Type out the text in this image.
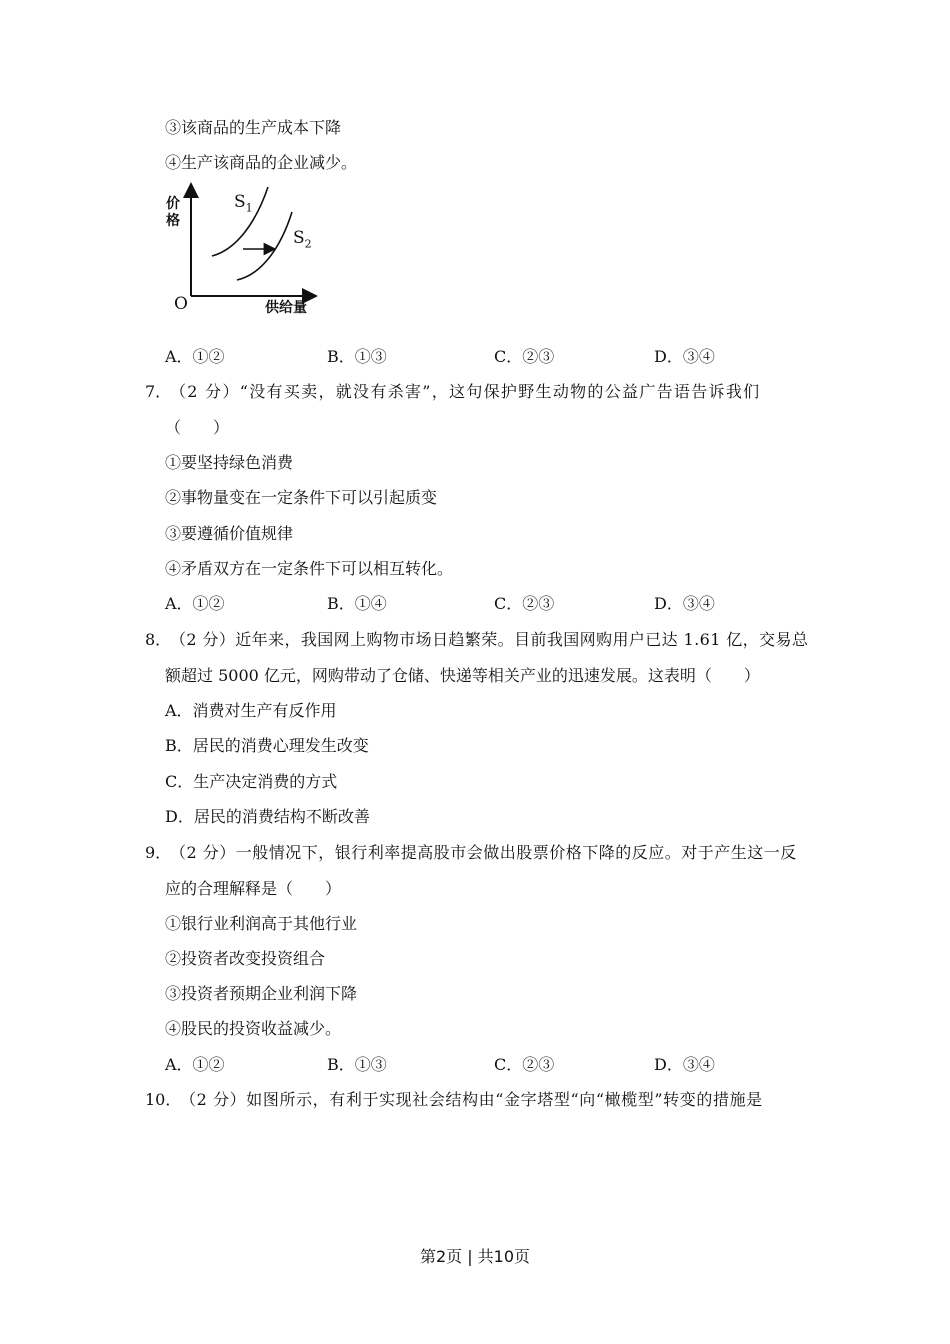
③该商品的生产成本下降
④生产该商品的企业减少。
价格
$S_1$
$S_2$
O	供给量
A．①②	B．①③	C．②③	D．③④
7．
（2 分）“没有买卖，就没有杀害”，这句保护野生动物的公益广告语告诉我们
（　　）
①要坚持绿色消费
②事物量变在一定条件下可以引起质变
③要遵循价值规律
④矛盾双方在一定条件下可以相互转化。
A．①②	B．①④	C．②③	D．③④
8．
（2 分）近年来，我国网上购物市场日趋繁荣。目前我国网购用户已达 1.61 亿，交易总
额超过 5000 亿元，网购带动了仓储、快递等相关产业的迅速发展。这表明（　　）
A．消费对生产有反作用
B．居民的消费心理发生改变
C．生产决定消费的方式
D．居民的消费结构不断改善
9．
（2 分）一般情况下，银行利率提高股市会做出股票价格下降的反应。对于产生这一反
应的合理解释是（　　）
①银行业利润高于其他行业
②投资者改变投资组合
③投资者预期企业利润下降
④股民的投资收益减少。
A．①②	B．①③	C．②③	D．③④
10．
（2 分）如图所示，有利于实现社会结构由“金字塔型“向“橄榄型”转变的措施是
第2页 | 共10页
